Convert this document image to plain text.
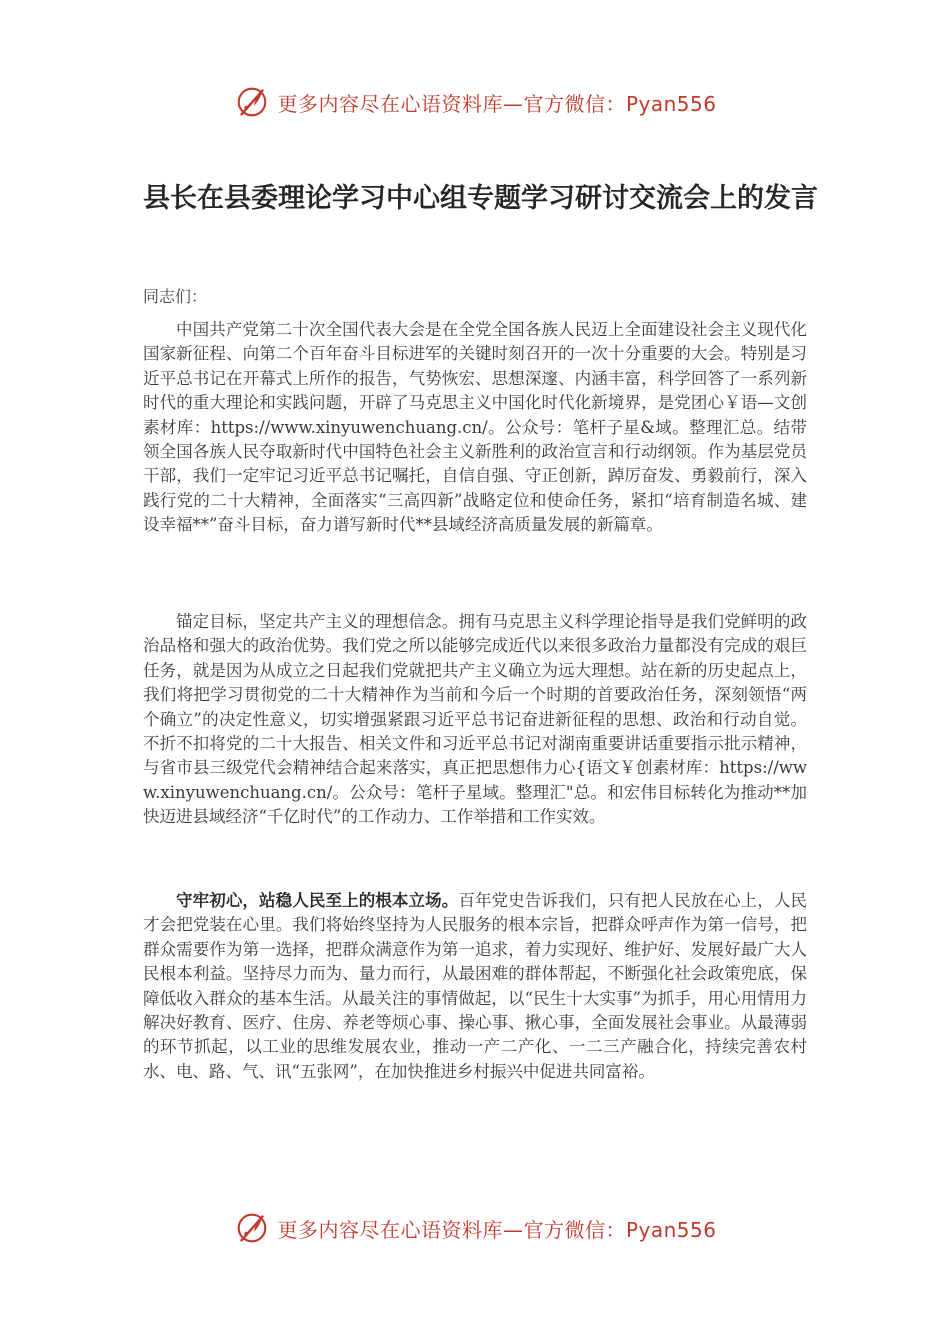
更多内容尽在心语资料库—官方微信：Pyan556
县长在县委理论学习中心组专题学习研讨交流会上的发言

同志们：

中国共产党第二十次全国代表大会是在全党全国各族人民迈上全面建设社会主义现代化国家新征程、向第二个百年奋斗目标进军的关键时刻召开的一次十分重要的大会。特别是习近平总书记在开幕式上所作的报告，气势恢宏、思想深邃、内涵丰富，科学回答了一系列新时代的重大理论和实践问题，开辟了马克思主义中国化时代化新境界，是党团心￥语—文创素材库：https://www.xinyuwenchuang.cn/。公众号：笔杆子星&域。整理汇总。结带领全国各族人民夺取新时代中国特色社会主义新胜利的政治宣言和行动纲领。作为基层党员干部，我们一定牢记习近平总书记嘱托，自信自强、守正创新，踔厉奋发、勇毅前行，深入践行党的二十大精神，全面落实“三高四新”战略定位和使命任务，紧扣“培育制造名城、建设幸福**”奋斗目标，奋力谱写新时代**县域经济高质量发展的新篇章。

锚定目标，坚定共产主义的理想信念。拥有马克思主义科学理论指导是我们党鲜明的政治品格和强大的政治优势。我们党之所以能够完成近代以来很多政治力量都没有完成的艰巨任务，就是因为从成立之日起我们党就把共产主义确立为远大理想。站在新的历史起点上，我们将把学习贯彻党的二十大精神作为当前和今后一个时期的首要政治任务，深刻领悟“两个确立”的决定性意义，切实增强紧跟习近平总书记奋进新征程的思想、政治和行动自觉。不折不扣将党的二十大报告、相关文件和习近平总书记对湖南重要讲话重要指示批示精神，与省市县三级党代会精神结合起来落实，真正把思想伟力心{语文￥创素材库：https://www.xinyuwenchuang.cn/。公众号：笔杆子星域。整理汇"总。和宏伟目标转化为推动**加快迈进县域经济“千亿时代”的工作动力、工作举措和工作实效。

守牢初心，站稳人民至上的根本立场。百年党史告诉我们，只有把人民放在心上，人民才会把党装在心里。我们将始终坚持为人民服务的根本宗旨，把群众呼声作为第一信号，把群众需要作为第一选择，把群众满意作为第一追求，着力实现好、维护好、发展好最广大人民根本利益。坚持尽力而为、量力而行，从最困难的群体帮起，不断强化社会政策兜底，保障低收入群众的基本生活。从最关注的事情做起，以“民生十大实事”为抓手，用心用情用力解决好教育、医疗、住房、养老等烦心事、操心事、揪心事，全面发展社会事业。从最薄弱的环节抓起，以工业的思维发展农业，推动一产二产化、一二三产融合化，持续完善农村水、电、路、气、讯“五张网”，在加快推进乡村振兴中促进共同富裕。

更多内容尽在心语资料库—官方微信：Pyan556
